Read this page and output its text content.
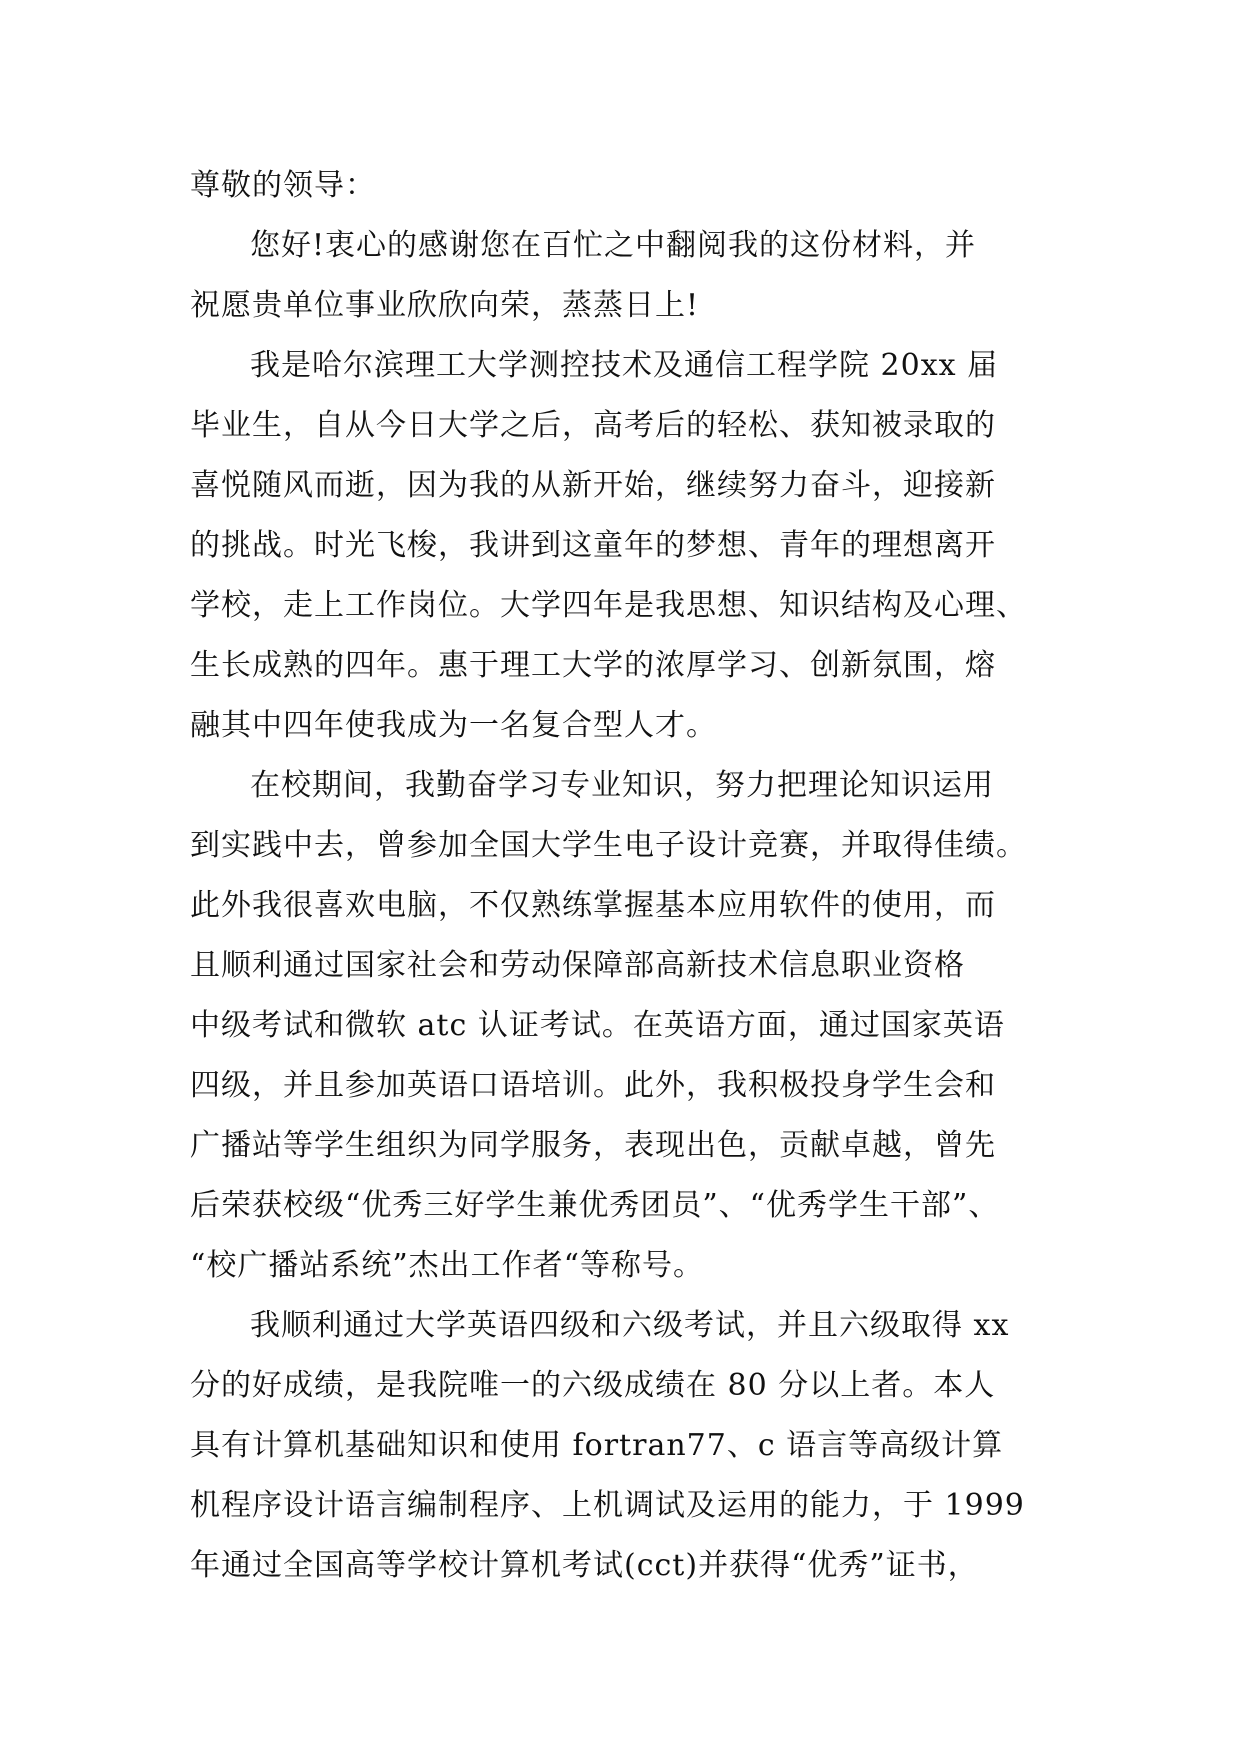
尊敬的领导：
您好!衷心的感谢您在百忙之中翻阅我的这份材料，并
祝愿贵单位事业欣欣向荣，蒸蒸日上!
我是哈尔滨理工大学测控技术及通信工程学院 20xx 届
毕业生，自从今日大学之后，高考后的轻松、获知被录取的
喜悦随风而逝，因为我的从新开始，继续努力奋斗，迎接新
的挑战。时光飞梭，我讲到这童年的梦想、青年的理想离开
学校，走上工作岗位。大学四年是我思想、知识结构及心理、
生长成熟的四年。惠于理工大学的浓厚学习、创新氛围，熔
融其中四年使我成为一名复合型人才。
在校期间，我勤奋学习专业知识，努力把理论知识运用
到实践中去，曾参加全国大学生电子设计竞赛，并取得佳绩。
此外我很喜欢电脑，不仅熟练掌握基本应用软件的使用，而
且顺利通过国家社会和劳动保障部高新技术信息职业资格
中级考试和微软 atc 认证考试。在英语方面，通过国家英语
四级，并且参加英语口语培训。此外，我积极投身学生会和
广播站等学生组织为同学服务，表现出色，贡献卓越，曾先
后荣获校级“优秀三好学生兼优秀团员”、“优秀学生干部”、
“校广播站系统”杰出工作者“等称号。
我顺利通过大学英语四级和六级考试，并且六级取得 xx
分的好成绩，是我院唯一的六级成绩在 80 分以上者。本人
具有计算机基础知识和使用 fortran77、c 语言等高级计算
机程序设计语言编制程序、上机调试及运用的能力，于 1999
年通过全国高等学校计算机考试(cct)并获得“优秀”证书，
